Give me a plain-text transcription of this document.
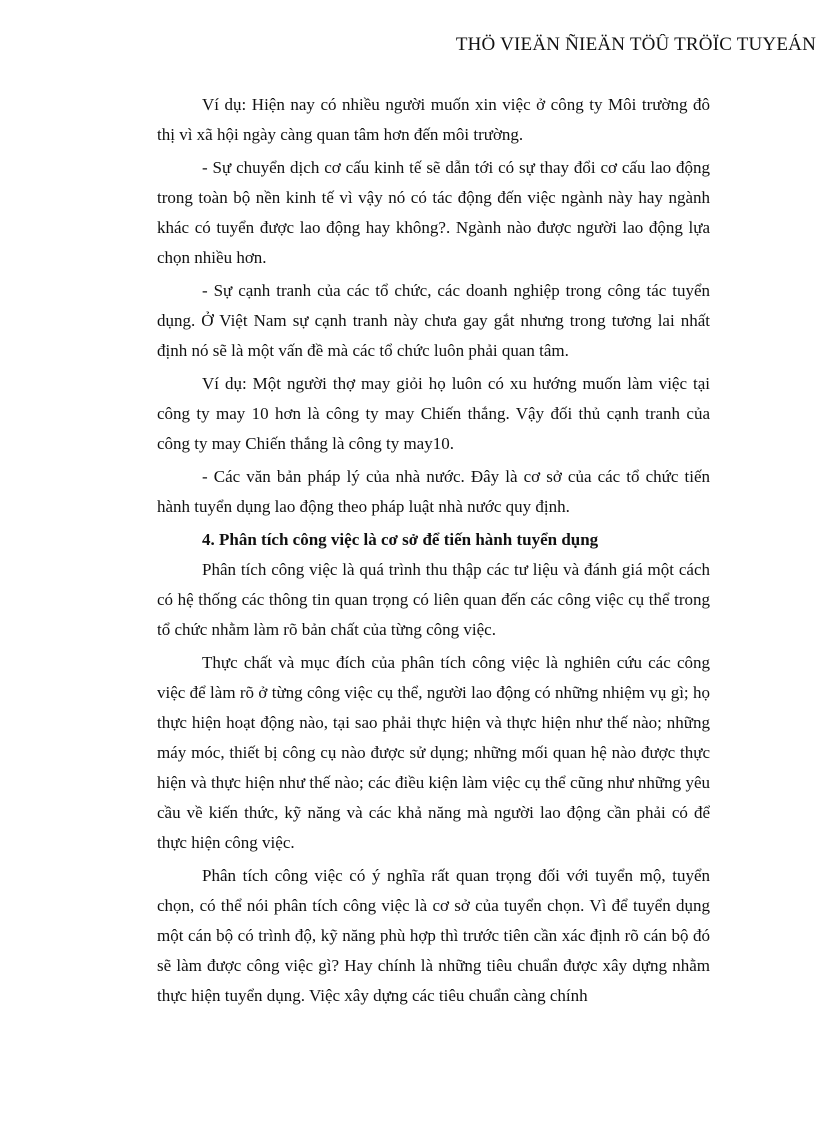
THÖ VIEÄN ÑIEÄN TÖÛ TRÖÏC TUYEÁN

Ví dụ: Hiện nay có nhiều người muốn xin việc ở công ty Môi trường đô thị vì xã hội ngày càng quan tâm hơn đến môi trường.

- Sự chuyển dịch cơ cấu kinh tế sẽ dẫn tới có sự thay đổi cơ cấu lao động trong toàn bộ nền kinh tế vì vậy nó có tác động đến việc ngành này hay ngành khác có tuyển được lao động hay không?. Ngành nào được người lao động lựa chọn nhiều hơn.

- Sự cạnh tranh của các tổ chức, các doanh nghiệp trong công tác tuyển dụng. Ở Việt Nam sự cạnh tranh này chưa gay gắt nhưng trong tương lai nhất định nó sẽ là một vấn đề mà các tổ chức luôn phải quan tâm.

Ví dụ: Một người thợ may giỏi họ luôn có xu hướng muốn làm việc tại công ty may 10 hơn là công ty may Chiến thắng. Vậy đối thủ cạnh tranh của công ty may Chiến thắng là công ty may10.

- Các văn bản pháp lý của nhà nước. Đây là cơ sở của các tổ chức tiến hành tuyển dụng lao động theo pháp luật nhà nước quy định.

4. Phân tích công việc là cơ sở để tiến hành tuyển dụng

Phân tích công việc là quá trình thu thập các tư liệu và đánh giá một cách có hệ thống các thông tin quan trọng có liên quan đến các công việc cụ thể trong tổ chức nhằm làm rõ bản chất của từng công việc.

Thực chất và mục đích của phân tích công việc là nghiên cứu các công việc để làm rõ ở từng công việc cụ thể, người lao động có những nhiệm vụ gì; họ thực hiện hoạt động nào, tại sao phải thực hiện và thực hiện như thế nào; những máy móc, thiết bị công cụ nào được sử dụng; những mối quan hệ nào được thực hiện và thực hiện như thế nào; các điều kiện làm việc cụ thể cũng như những yêu cầu về kiến thức, kỹ năng và các khả năng mà người lao động cần phải có để thực hiện công việc.

Phân tích công việc có ý nghĩa rất quan trọng đối với tuyển mộ, tuyển chọn, có thể nói phân tích công việc là cơ sở của tuyển chọn. Vì để tuyển dụng một cán bộ có trình độ, kỹ năng phù hợp thì trước tiên cần xác định rõ cán bộ đó sẽ làm được công việc gì? Hay chính là những tiêu chuẩn được xây dựng nhằm thực hiện tuyển dụng. Việc xây dựng các tiêu chuẩn càng chính
